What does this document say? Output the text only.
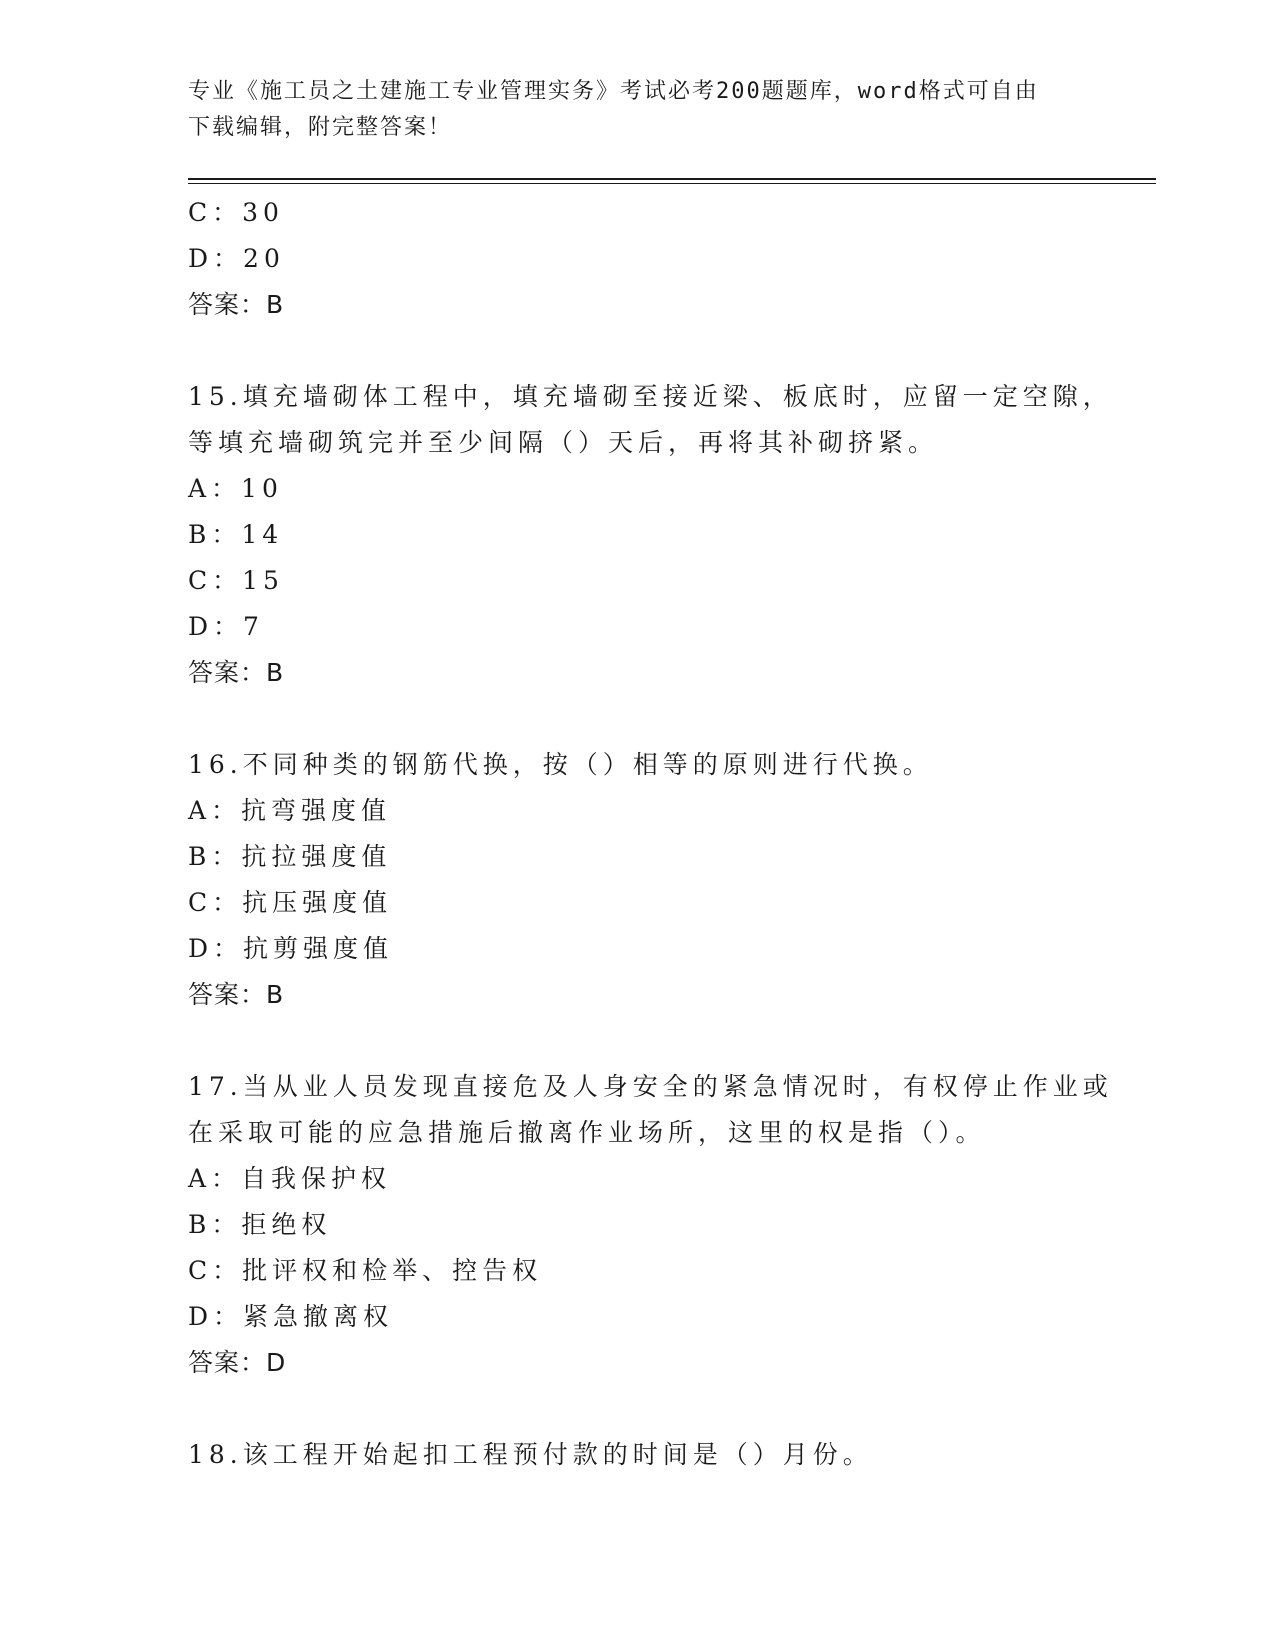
专业《施工员之土建施工专业管理实务》考试必考200题题库，word格式可自由
下载编辑，附完整答案！
C：30
D：20
答案：B
15.填充墙砌体工程中，填充墙砌至接近梁、板底时，应留一定空隙，
等填充墙砌筑完并至少间隔（）天后，再将其补砌挤紧。
A：10
B：14
C：15
D：7
答案：B
16.不同种类的钢筋代换，按（）相等的原则进行代换。
A：抗弯强度值
B：抗拉强度值
C：抗压强度值
D：抗剪强度值
答案：B
17.当从业人员发现直接危及人身安全的紧急情况时，有权停止作业或
在采取可能的应急措施后撤离作业场所，这里的权是指（）。
A：自我保护权
B：拒绝权
C：批评权和检举、控告权
D：紧急撤离权
答案：D
18.该工程开始起扣工程预付款的时间是（）月份。
